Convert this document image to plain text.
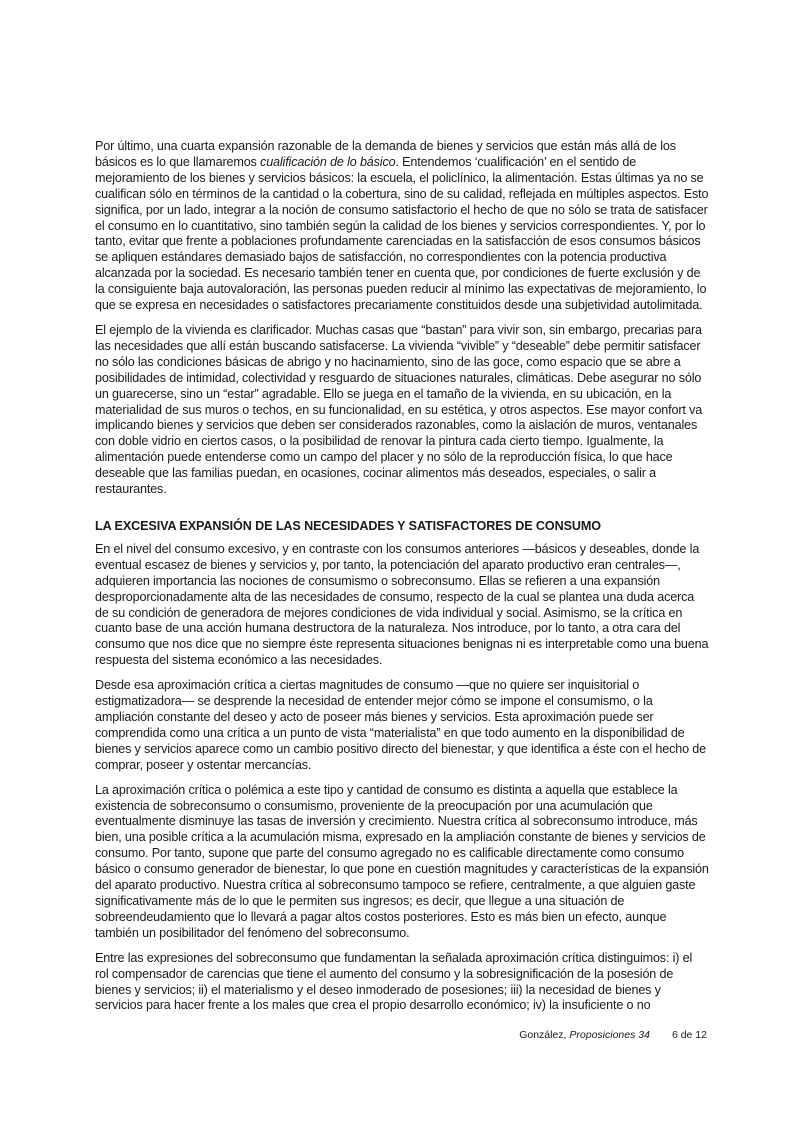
Por último, una cuarta expansión razonable de la demanda de bienes y servicios que están más allá de los básicos es lo que llamaremos cualificación de lo básico. Entendemos ‘cualificación’ en el sentido de mejoramiento de los bienes y servicios básicos: la escuela, el policlínico, la alimentación. Estas últimas ya no se cualifican sólo en términos de la cantidad o la cobertura, sino de su calidad, reflejada en múltiples aspectos. Esto significa, por un lado, integrar a la noción de consumo satisfactorio el hecho de que no sólo se trata de satisfacer el consumo en lo cuantitativo, sino también según la calidad de los bienes y servicios correspondientes. Y, por lo tanto, evitar que frente a poblaciones profundamente carenciadas en la satisfacción de esos consumos básicos se apliquen estándares demasiado bajos de satisfacción, no correspondientes con la potencia productiva alcanzada por la sociedad. Es necesario también tener en cuenta que, por condiciones de fuerte exclusión y de la consiguiente baja autovaloración, las personas pueden reducir al mínimo las expectativas de mejoramiento, lo que se expresa en necesidades o satisfactores precariamente constituidos desde una subjetividad autolimitada.

El ejemplo de la vivienda es clarificador. Muchas casas que “bastan” para vivir son, sin embargo, precarias para las necesidades que allí están buscando satisfacerse. La vivienda “vivible” y “deseable” debe permitir satisfacer no sólo las condiciones básicas de abrigo y no hacinamiento, sino de las goce, como espacio que se abre a posibilidades de intimidad, colectividad y resguardo de situaciones naturales, climáticas. Debe asegurar no sólo un guarecerse, sino un “estar” agradable. Ello se juega en el tamaño de la vivienda, en su ubicación, en la materialidad de sus muros o techos, en su funcionalidad, en su estética, y otros aspectos. Ese mayor confort va implicando bienes y servicios que deben ser considerados razonables, como la aislación de muros, ventanales con doble vidrio en ciertos casos, o la posibilidad de renovar la pintura cada cierto tiempo. Igualmente, la alimentación puede entenderse como un campo del placer y no sólo de la reproducción física, lo que hace deseable que las familias puedan, en ocasiones, cocinar alimentos más deseados, especiales, o salir a restaurantes.

LA EXCESIVA EXPANSIÓN DE LAS NECESIDADES Y SATISFACTORES DE CONSUMO

En el nivel del consumo excesivo, y en contraste con los consumos anteriores —básicos y deseables, donde la eventual escasez de bienes y servicios y, por tanto, la potenciación del aparato productivo eran centrales—, adquieren importancia las nociones de consumismo o sobreconsumo. Ellas se refieren a una expansión desproporcionadamente alta de las necesidades de consumo, respecto de la cual se plantea una duda acerca de su condición de generadora de mejores condiciones de vida individual y social. Asimismo, se la crítica en cuanto base de una acción humana destructora de la naturaleza. Nos introduce, por lo tanto, a otra cara del consumo que nos dice que no siempre éste representa situaciones benignas ni es interpretable como una buena respuesta del sistema económico a las necesidades.

Desde esa aproximación crítica a ciertas magnitudes de consumo —que no quiere ser inquisitorial o estigmatizadora— se desprende la necesidad de entender mejor cómo se impone el consumismo, o la ampliación constante del deseo y acto de poseer más bienes y servicios. Esta aproximación puede ser comprendida como una crítica a un punto de vista “materialista” en que todo aumento en la disponibilidad de bienes y servicios aparece como un cambio positivo directo del bienestar, y que identifica a éste con el hecho de comprar, poseer y ostentar mercancías.

La aproximación crítica o polémica a este tipo y cantidad de consumo es distinta a aquella que establece la existencia de sobreconsumo o consumismo, proveniente de la preocupación por una acumulación que eventualmente disminuye las tasas de inversión y crecimiento. Nuestra crítica al sobreconsumo introduce, más bien, una posible crítica a la acumulación misma, expresado en la ampliación constante de bienes y servicios de consumo. Por tanto, supone que parte del consumo agregado no es calificable directamente como consumo básico o consumo generador de bienestar, lo que pone en cuestión magnitudes y características de la expansión del aparato productivo. Nuestra crítica al sobreconsumo tampoco se refiere, centralmente, a que alguien gaste significativamente más de lo que le permiten sus ingresos; es decir, que llegue a una situación de sobreendeudamiento que lo llevará a pagar altos costos posteriores. Esto es más bien un efecto, aunque también un posibilitador del fenómeno del sobreconsumo.

Entre las expresiones del sobreconsumo que fundamentan la señalada aproximación crítica distinguimos: i) el rol compensador de carencias que tiene el aumento del consumo y la sobresignificación de la posesión de bienes y servicios; ii) el materialismo y el deseo inmoderado de posesiones; iii) la necesidad de bienes y servicios para hacer frente a los males que crea el propio desarrollo económico; iv) la insuficiente o no

González, Proposiciones 34 6 de 12
